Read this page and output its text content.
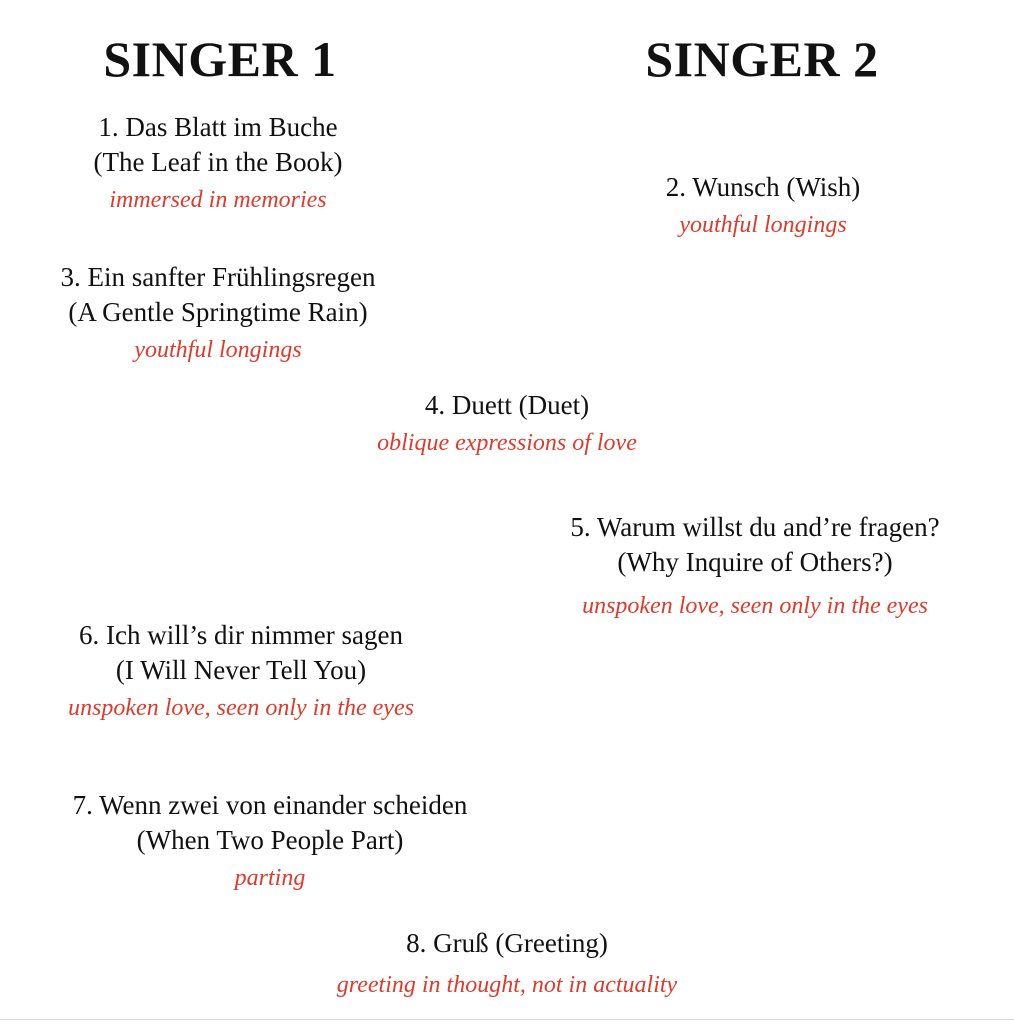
SINGER 1	SINGER 2
1. Das Blatt im Buche
(The Leaf in the Book)
immersed in memories	2. Wunsch (Wish)
youthful longings
3. Ein sanfter Frühlingsregen
(A Gentle Springtime Rain)
youthful longings
4. Duett (Duet)
oblique expressions of love
5. Warum willst du and’re fragen?
(Why Inquire of Others?)
unspoken love, seen only in the eyes
6. Ich will’s dir nimmer sagen
(I Will Never Tell You)
unspoken love, seen only in the eyes
7. Wenn zwei von einander scheiden
(When Two People Part)
parting
8. Gruß (Greeting)
greeting in thought, not in actuality
